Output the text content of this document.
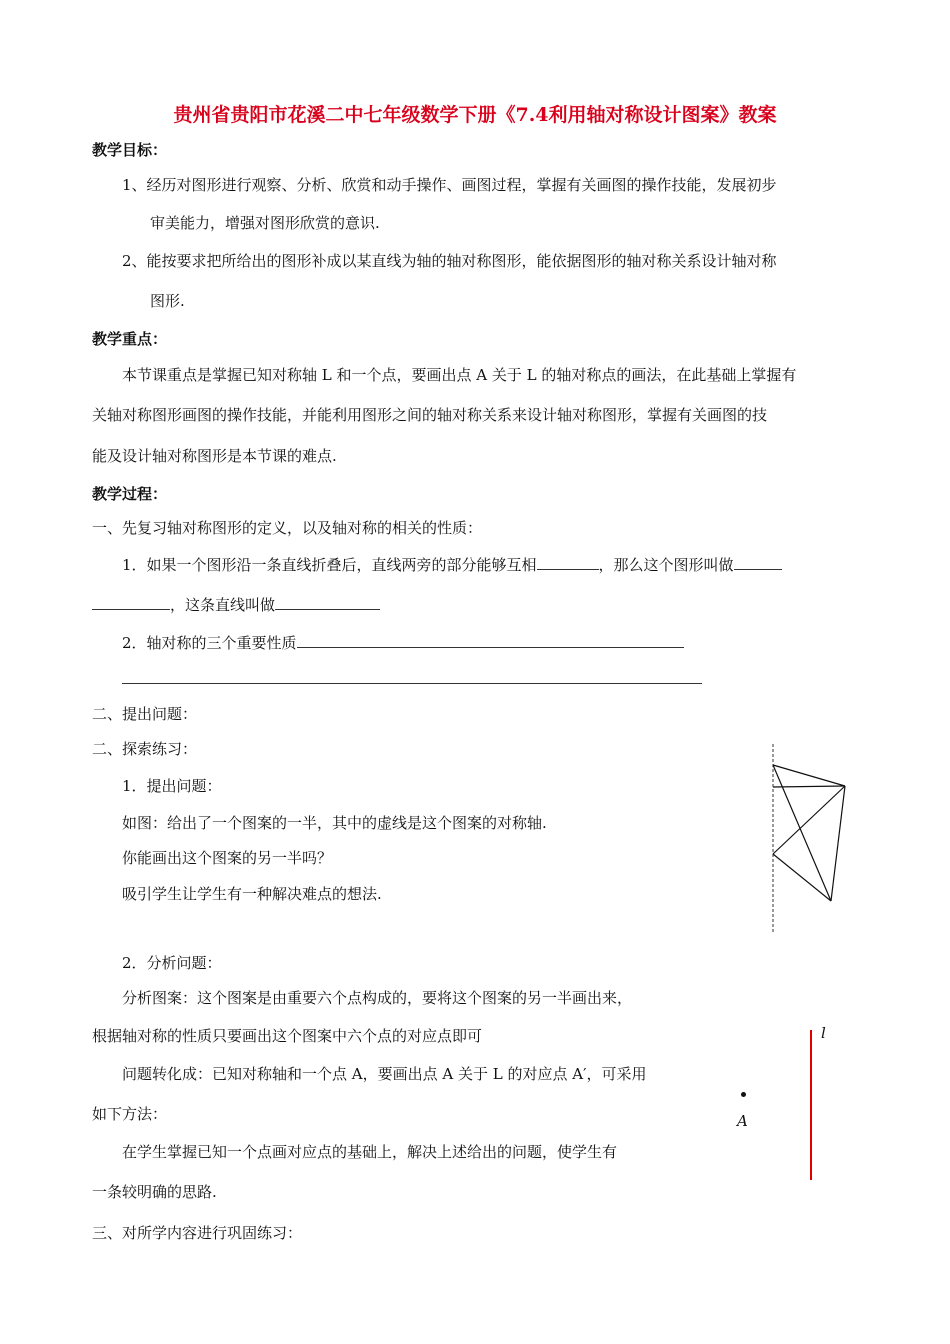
贵州省贵阳市花溪二中七年级数学下册《7.4利用轴对称设计图案》教案
教学目标：
1、经历对图形进行观察、分析、欣赏和动手操作、画图过程，掌握有关画图的操作技能，发展初步
审美能力，增强对图形欣赏的意识.
2、能按要求把所给出的图形补成以某直线为轴的轴对称图形，能依据图形的轴对称关系设计轴对称
图形.
教学重点：
本节课重点是掌握已知对称轴 L 和一个点，要画出点 A 关于 L 的轴对称点的画法，在此基础上掌握有
关轴对称图形画图的操作技能，并能利用图形之间的轴对称关系来设计轴对称图形，掌握有关画图的技
能及设计轴对称图形是本节课的难点.
教学过程：
一、先复习轴对称图形的定义，以及轴对称的相关的性质：
1．如果一个图形沿一条直线折叠后，直线两旁的部分能够互相	，那么这个图形叫做
，这条直线叫做
2．轴对称的三个重要性质
二、提出问题：
二、探索练习：
1．提出问题：
如图：给出了一个图案的一半，其中的虚线是这个图案的对称轴.
你能画出这个图案的另一半吗？
吸引学生让学生有一种解决难点的想法.
2．分析问题：
分析图案：这个图案是由重要六个点构成的，要将这个图案的另一半画出来，
根据轴对称的性质只要画出这个图案中六个点的对应点即可
问题转化成：已知对称轴和一个点 A，要画出点 A 关于 L 的对应点 A′，可采用
如下方法：
在学生掌握已知一个点画对应点的基础上，解决上述给出的问题，使学生有
一条较明确的思路.
三、对所学内容进行巩固练习：
l
A
